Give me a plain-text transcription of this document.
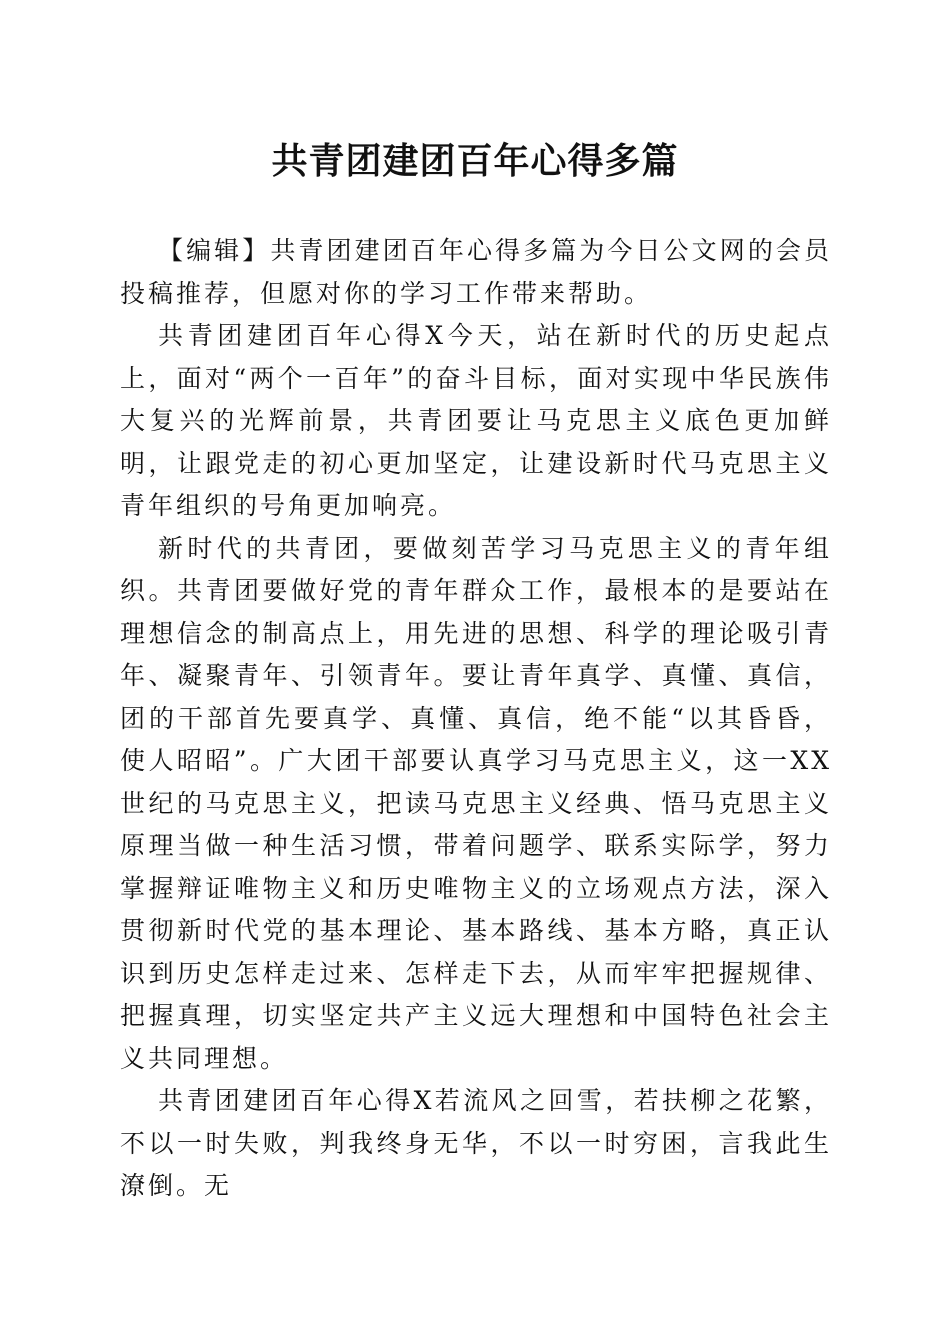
共青团建团百年心得多篇

【编辑】共青团建团百年心得多篇为今日公文网的会员投稿推荐，但愿对你的学习工作带来帮助。

共青团建团百年心得X今天，站在新时代的历史起点上，面对“两个一百年”的奋斗目标，面对实现中华民族伟大复兴的光辉前景，共青团要让马克思主义底色更加鲜明，让跟党走的初心更加坚定，让建设新时代马克思主义青年组织的号角更加响亮。

新时代的共青团，要做刻苦学习马克思主义的青年组织。共青团要做好党的青年群众工作，最根本的是要站在理想信念的制高点上，用先进的思想、科学的理论吸引青年、凝聚青年、引领青年。要让青年真学、真懂、真信，团的干部首先要真学、真懂、真信，绝不能“以其昏昏，使人昭昭”。广大团干部要认真学习马克思主义，这一XX世纪的马克思主义，把读马克思主义经典、悟马克思主义原理当做一种生活习惯，带着问题学、联系实际学，努力掌握辩证唯物主义和历史唯物主义的立场观点方法，深入贯彻新时代党的基本理论、基本路线、基本方略，真正认识到历史怎样走过来、怎样走下去，从而牢牢把握规律、把握真理，切实坚定共产主义远大理想和中国特色社会主义共同理想。

共青团建团百年心得X若流风之回雪，若扶柳之花繁，不以一时失败，判我终身无华，不以一时穷困，言我此生潦倒。无
